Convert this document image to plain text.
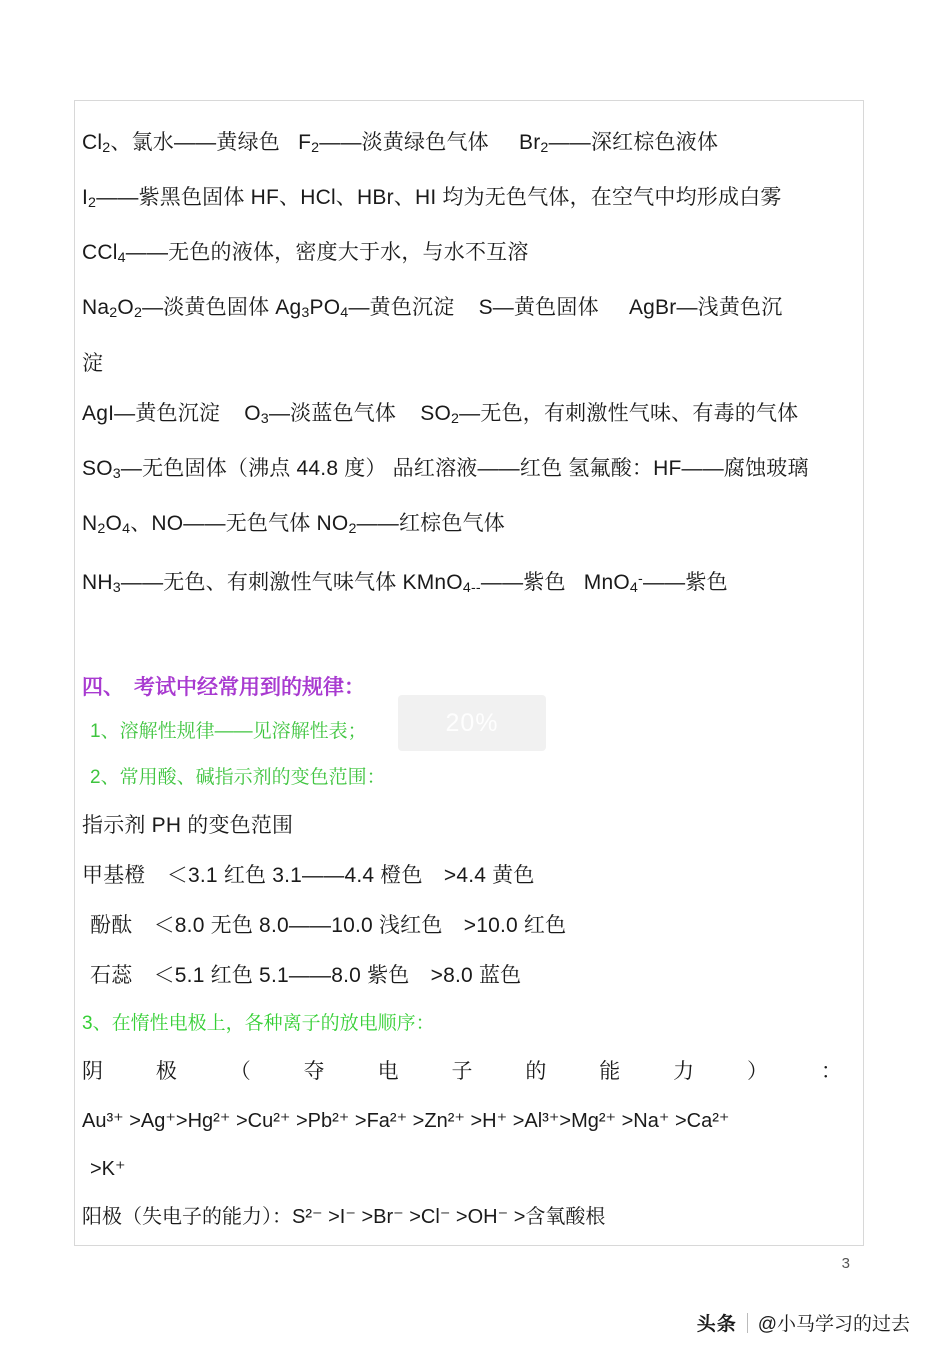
$Cl_2$、氯水——黄绿色   $F_2——$淡黄绿色气体     $Br_2——$深红棕色液体
$I_2——$紫黑色固体 HF、HCl、HBr、HI 均为无色气体，在空气中均形成白雾
CCl$_4$——无色的液体，密度大于水，与水不互溶
$Na_2O_2—$淡黄色固体 $Ag_3PO_4—$黄色沉淀    S—黄色固体     AgBr—浅黄色沉
淀
AgI—黄色沉淀    $O_3—$淡蓝色气体    $SO_2—$无色，有刺激性气味、有毒的气体
$SO_3—$无色固体（沸点 44.8 度） 品红溶液——红色 氢氟酸：HF——腐蚀玻璃
$N_2O_4$、NO——无色气体 $NO_2——$红棕色气体
$NH_3——$无色、有刺激性气味气体 KMnO$_{4--}$——紫色   MnO$_4$-——紫色
四、 考试中经常用到的规律：
1、溶解性规律——见溶解性表；
2、常用酸、碱指示剂的变色范围：
指示剂 PH 的变色范围
甲基橙　＜3.1 红色 3.1——4.4 橙色　>4.4 黄色
酚酞　＜8.0 无色 8.0——10.0 浅红色　>10.0 红色
石蕊　＜5.1 红色 5.1——8.0 紫色　>8.0 蓝色
3、在惰性电极上，各种离子的放电顺序：
阴	极	（	夺	电	子	的	能	力	）	：
Au³⁺ >Ag⁺>Hg²⁺ >Cu²⁺ >Pb²⁺ >Fa²⁺ >Zn²⁺ >H⁺ >Al³⁺>Mg²⁺ >Na⁺ >Ca²⁺
>K⁺
阳极（失电子的能力）：S²⁻ >I⁻ >Br⁻ >Cl⁻ >OH⁻ >含氧酸根
20%
3
头条 @小马学习的过去
